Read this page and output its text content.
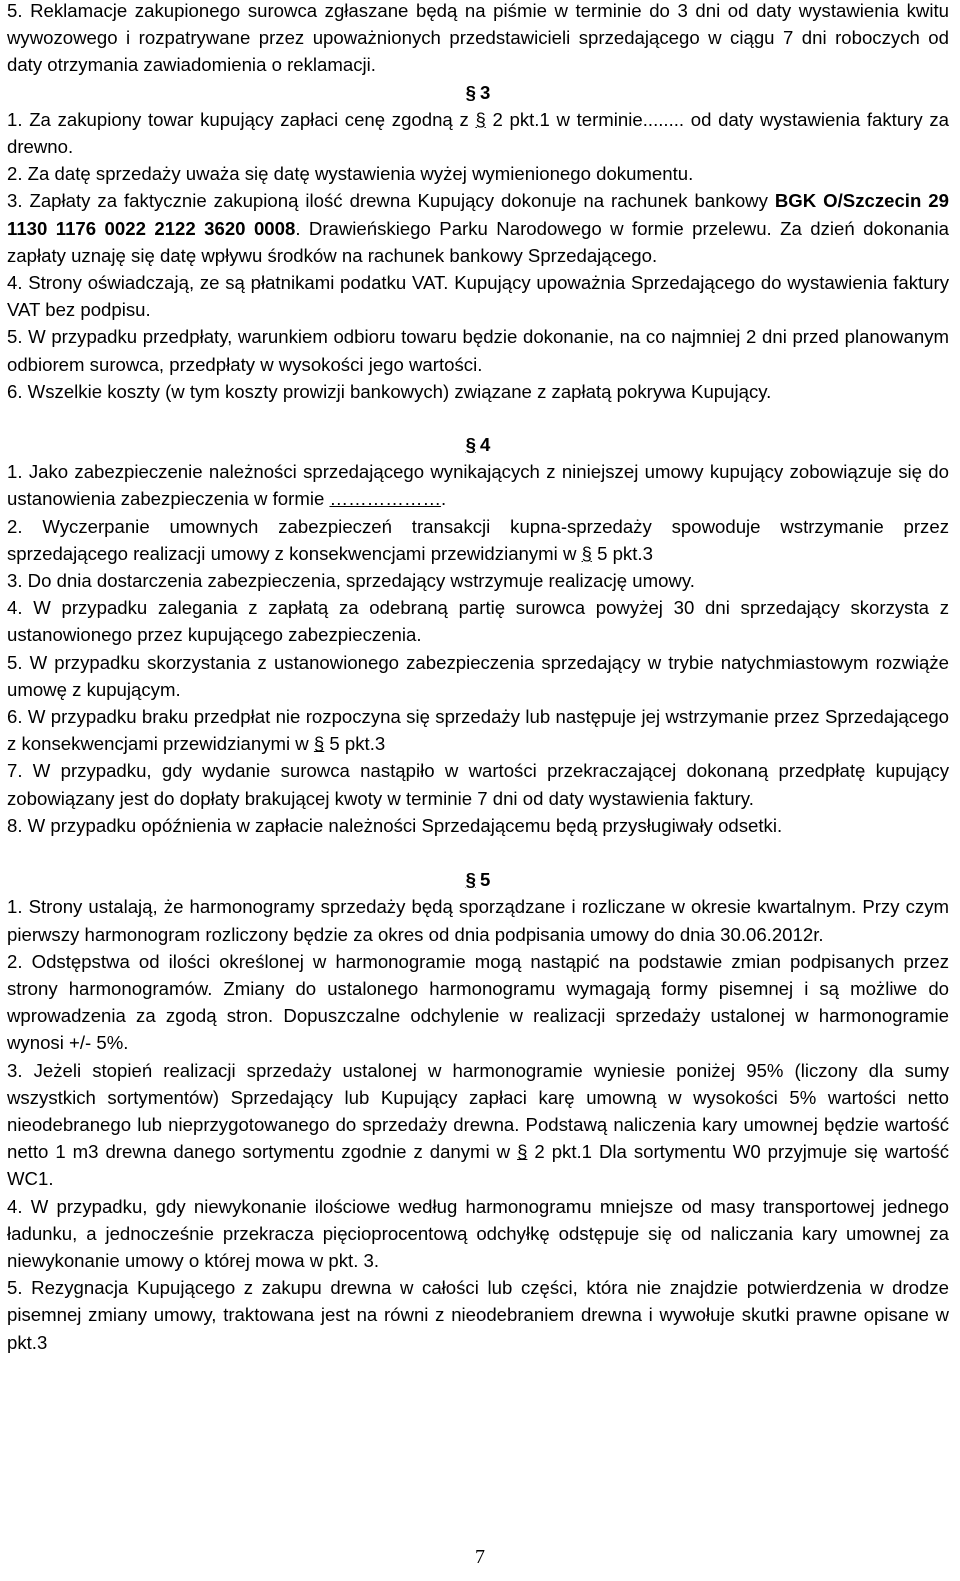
5. Reklamacje zakupionego surowca zgłaszane będą na piśmie w terminie do 3 dni od daty wystawienia kwitu wywozowego i rozpatrywane przez upoważnionych przedstawicieli sprzedającego w ciągu 7 dni roboczych od daty otrzymania zawiadomienia o reklamacji.

§ 3

1. Za zakupiony towar kupujący zapłaci cenę zgodną z § 2 pkt.1 w terminie........ od daty wystawienia faktury za drewno.

2. Za datę sprzedaży uważa się datę wystawienia wyżej wymienionego dokumentu.

3. Zapłaty za faktycznie zakupioną ilość drewna Kupujący dokonuje na rachunek bankowy BGK O/Szczecin 29 1130 1176 0022 2122 3620 0008. Drawieńskiego Parku Narodowego w formie przelewu. Za dzień dokonania zapłaty uznaję się datę wpływu środków na rachunek bankowy Sprzedającego.

4. Strony oświadczają, ze są płatnikami podatku VAT. Kupujący upoważnia Sprzedającego do wystawienia faktury VAT bez podpisu.

5. W przypadku przedpłaty, warunkiem odbioru towaru będzie dokonanie, na co najmniej 2 dni przed planowanym odbiorem surowca, przedpłaty w wysokości jego wartości.

6. Wszelkie koszty (w tym koszty prowizji bankowych) związane z zapłatą pokrywa Kupujący.

§ 4

1. Jako zabezpieczenie należności sprzedającego wynikających z niniejszej umowy kupujący zobowiązuje się do ustanowienia zabezpieczenia w formie ……………….

2. Wyczerpanie umownych zabezpieczeń transakcji kupna-sprzedaży spowoduje wstrzymanie przez sprzedającego realizacji umowy z konsekwencjami przewidzianymi w § 5 pkt.3

3. Do dnia dostarczenia zabezpieczenia, sprzedający wstrzymuje realizację umowy.

4. W przypadku zalegania z zapłatą za odebraną partię surowca powyżej 30 dni sprzedający skorzysta z ustanowionego przez kupującego zabezpieczenia.

5. W przypadku skorzystania z ustanowionego zabezpieczenia sprzedający w trybie natychmiastowym rozwiąże umowę z kupującym.

6. W przypadku braku przedpłat nie rozpoczyna się sprzedaży lub następuje jej wstrzymanie przez Sprzedającego z konsekwencjami przewidzianymi w § 5 pkt.3

7. W przypadku, gdy wydanie surowca nastąpiło w wartości przekraczającej dokonaną przedpłatę kupujący zobowiązany jest do dopłaty brakującej kwoty w terminie 7 dni od daty wystawienia faktury.

8. W przypadku opóźnienia w zapłacie należności Sprzedającemu będą przysługiwały odsetki.

§ 5

1. Strony ustalają, że harmonogramy sprzedaży będą sporządzane i rozliczane w okresie kwartalnym. Przy czym pierwszy harmonogram rozliczony będzie za okres od dnia podpisania umowy do dnia 30.06.2012r.

2. Odstępstwa od ilości określonej w harmonogramie mogą nastąpić na podstawie zmian podpisanych przez strony harmonogramów. Zmiany do ustalonego harmonogramu wymagają formy pisemnej i są możliwe do wprowadzenia za zgodą stron. Dopuszczalne odchylenie w realizacji sprzedaży ustalonej w harmonogramie wynosi +/- 5%.

3. Jeżeli stopień realizacji sprzedaży ustalonej w harmonogramie wyniesie poniżej 95% (liczony dla sumy wszystkich sortymentów) Sprzedający lub Kupujący zapłaci karę umowną w wysokości 5% wartości netto nieodebranego lub nieprzygotowanego do sprzedaży drewna. Podstawą naliczenia kary umownej będzie wartość netto 1 m3 drewna danego sortymentu zgodnie z danymi w § 2 pkt.1 Dla sortymentu W0 przyjmuje się wartość WC1.

4. W przypadku, gdy niewykonanie ilościowe według harmonogramu mniejsze od masy transportowej jednego ładunku, a jednocześnie przekracza pięcioprocentową odchyłkę odstępuje się od naliczania kary umownej za niewykonanie umowy o której mowa w pkt. 3.

5. Rezygnacja Kupującego z zakupu drewna w całości lub części, która nie znajdzie potwierdzenia w drodze pisemnej zmiany umowy, traktowana jest na równi z nieodebraniem drewna i wywołuje skutki prawne opisane w pkt.3

7
